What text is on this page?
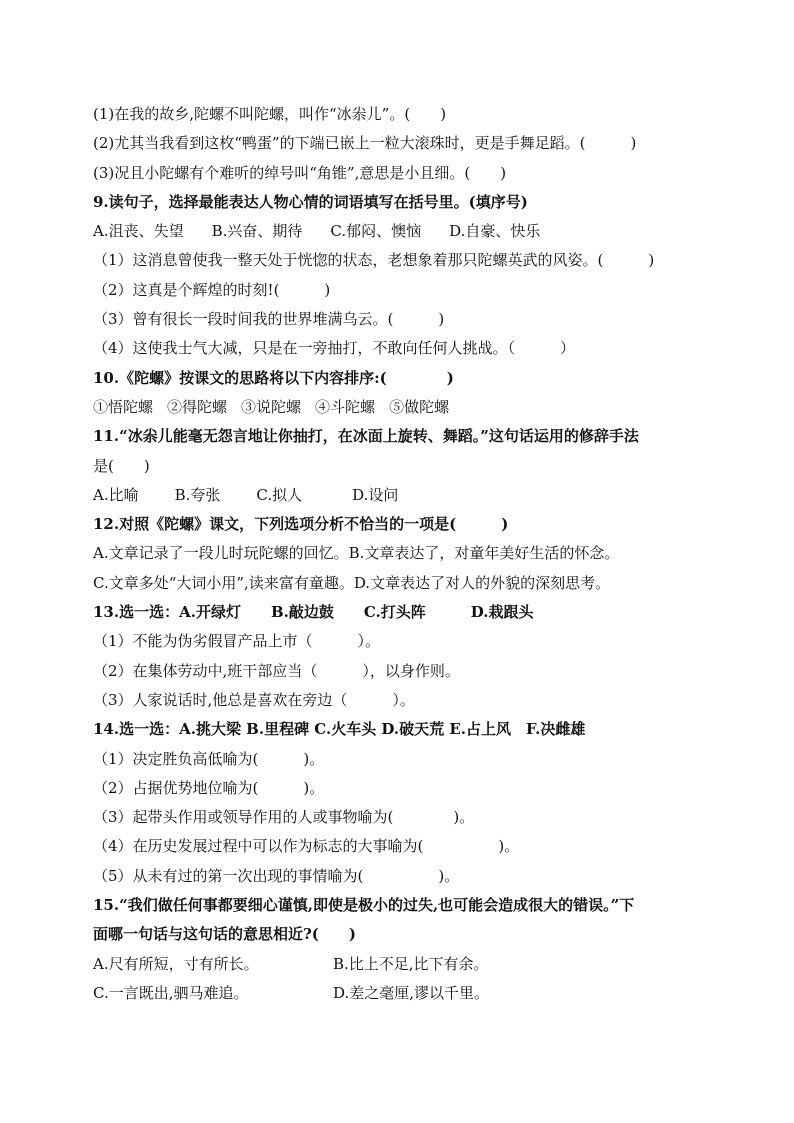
(1)在我的故乡,陀螺不叫陀螺，叫作“冰尜儿”。(　　)
(2)尤其当我看到这枚“鸭蛋”的下端已嵌上一粒大滚珠时，更是手舞足蹈。(　　　)
(3)况且小陀螺有个难听的绰号叫“角锥”,意思是小且细。(　　)
9.读句子，选择最能表达人物心情的词语填写在括号里。(填序号)
A.沮丧、失望 B.兴奋、期待 C.郁闷、懊恼 D.自豪、快乐
（1）这消息曾使我一整天处于恍惚的状态，老想象着那只陀螺英武的风姿。(　　　)
（2）这真是个辉煌的时刻!(　　　)
（3）曾有很长一段时间我的世界堆满乌云。(　　　)
（4）这使我士气大减，只是在一旁抽打，不敢向任何人挑战。（　　　）
10.《陀螺》按课文的思路将以下内容排序:(　　　　)
①悟陀螺 ②得陀螺 ③说陀螺 ④斗陀螺 ⑤做陀螺
11.“冰尜儿能毫无怨言地让你抽打，在冰面上旋转、舞蹈。”这句话运用的修辞手法
是(　　)
A.比喻 B.夸张 C.拟人	D.设问
12.对照《陀螺》课文，下列选项分析不恰当的一项是(　　　)
A.文章记录了一段儿时玩陀螺的回忆。B.文章表达了，对童年美好生活的怀念。
C.文章多处“大词小用”,读来富有童趣。D.文章表达了对人的外貌的深刻思考。
13.选一选：A.开绿灯　　B.敲边鼓　　C.打头阵　　　D.栽跟头
（1）不能为伪劣假冒产品上市（　　　）。
（2）在集体劳动中,班干部应当（　　　），以身作则。
（3）人家说话时,他总是喜欢在旁边（　　　）。
14.选一选：A.挑大梁 B.里程碑 C.火车头 D.破天荒 E.占上风　F.决雌雄
（1）决定胜负高低喻为(　　　)。
（2）占据优势地位喻为(　　　)。
（3）起带头作用或领导作用的人或事物喻为(　　　　)。
（4）在历史发展过程中可以作为标志的大事喻为(　　　　　)。
（5）从未有过的第一次出现的事情喻为(　　　　　)。
15.“我们做任何事都要细心谨慎,即使是极小的过失,也可能会造成很大的错误。”下
面哪一句话与这句话的意思相近?(　　)
A.尺有所短，寸有所长。	B.比上不足,比下有余。
C.一言既出,驷马难追。	D.差之毫厘,谬以千里。
